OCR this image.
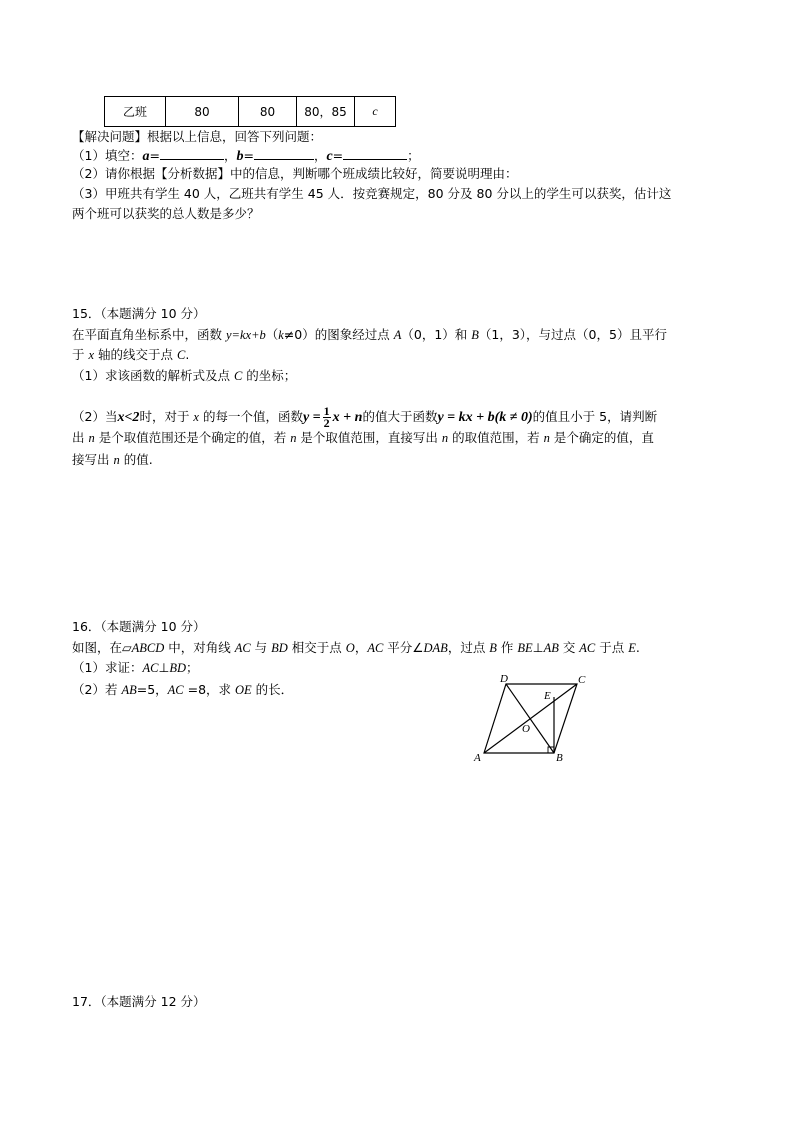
乙班	80	80	80，85	c
【解决问题】根据以上信息，回答下列问题：
（1）填空：a=	，b=	，c=	；
（2）请你根据【分析数据】中的信息，判断哪个班成绩比较好，简要说明理由：
（3）甲班共有学生 40 人，乙班共有学生 45 人．按竞赛规定，80 分及 80 分以上的学生可以获奖，估计这
两个班可以获奖的总人数是多少？
15．（本题满分 10 分）
在平面直角坐标系中，函数 y=kx+b（k≠0）的图象经过点 A（0，1）和 B（1，3），与过点（0，5）且平行
于 x 轴的线交于点 C.
（1）求该函数的解析式及点 C 的坐标；
（2）当x<2时，对于 x 的每一个值，函数$y = \frac{1}{2}$ x + n的值大于函数y = kx + b(k ≠ 0)的值且小于 5，请判断
出 n 是个取值范围还是个确定的值，若 n 是个取值范围，直接写出 n 的取值范围，若 n 是个确定的值，直
接写出 n 的值.
16．（本题满分 10 分）
如图，在▱ABCD 中，对角线 AC 与 BD 相交于点 O，AC 平分∠DAB，过点 B 作 BE⊥AB 交 AC 于点 E.
（1）求证：AC⊥BD；
（2）若 AB=5，AC =8，求 OE 的长．
D	C
E
O
A	B
17．（本题满分 12 分）
